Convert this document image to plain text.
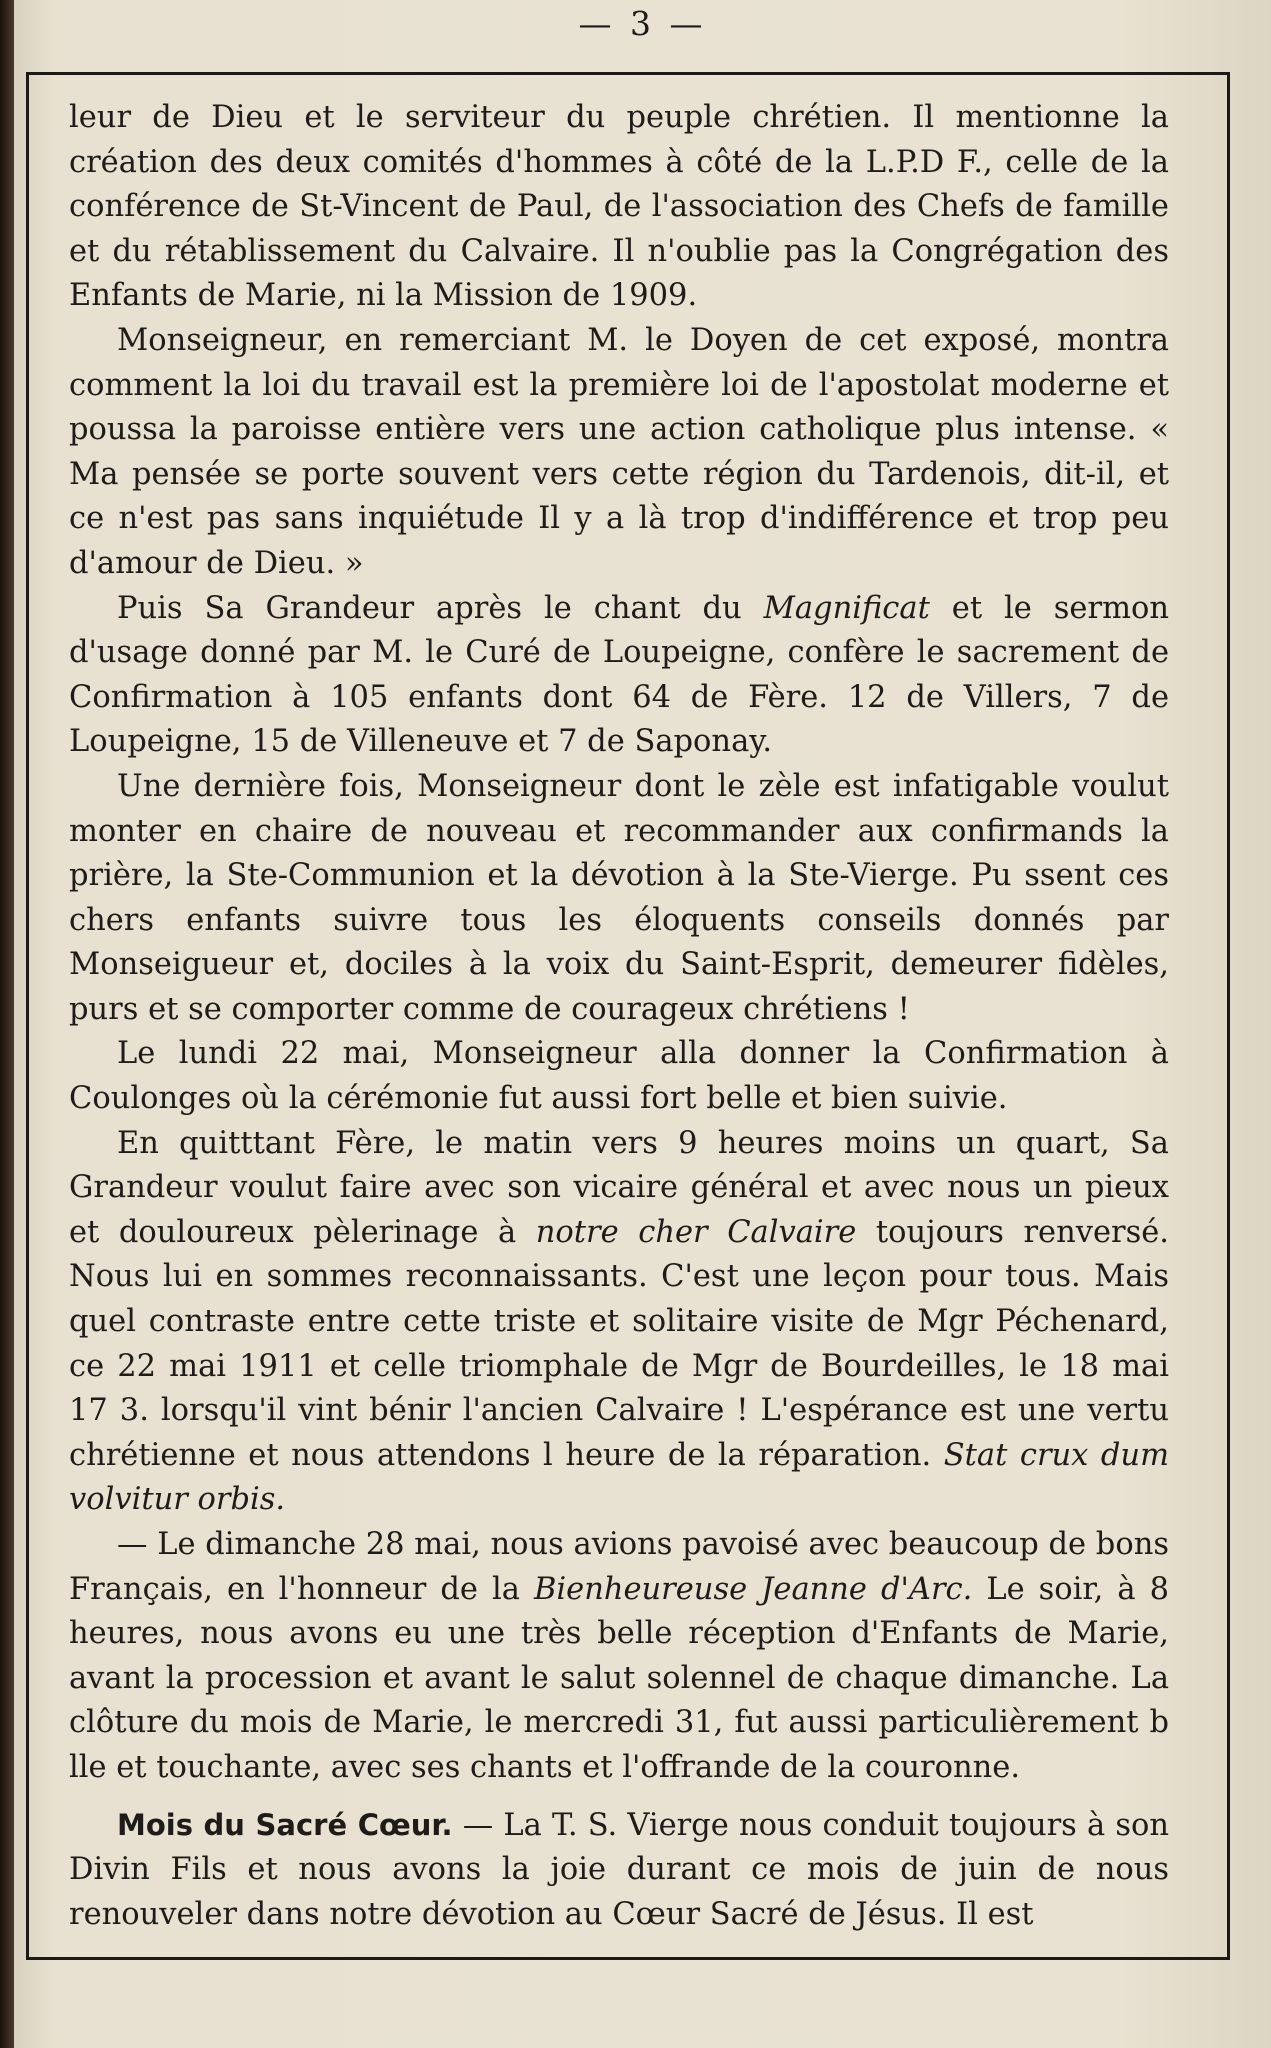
— 3 —

leur de Dieu et le serviteur du peuple chrétien. Il mentionne la création des deux comités d'hommes à côté de la L.P.D F., celle de la conférence de St-Vincent de Paul, de l'association des Chefs de famille et du rétablissement du Calvaire. Il n'oublie pas la Congrégation des Enfants de Marie, ni la Mission de 1909.

Monseigneur, en remerciant M. le Doyen de cet exposé, montra comment la loi du travail est la première loi de l'apostolat moderne et poussa la paroisse entière vers une action catholique plus intense. « Ma pensée se porte souvent vers cette région du Tardenois, dit-il, et ce n'est pas sans inquiétude Il y a là trop d'indifférence et trop peu d'amour de Dieu. »

Puis Sa Grandeur après le chant du Magnificat et le sermon d'usage donné par M. le Curé de Loupeigne, confère le sacrement de Confirmation à 105 enfants dont 64 de Fère. 12 de Villers, 7 de Loupeigne, 15 de Villeneuve et 7 de Saponay.

Une dernière fois, Monseigneur dont le zèle est infatigable voulut monter en chaire de nouveau et recommander aux confirmands la prière, la Ste-Communion et la dévotion à la Ste-Vierge. Pu ssent ces chers enfants suivre tous les éloquents conseils donnés par Monseigueur et, dociles à la voix du Saint-Esprit, demeurer fidèles, purs et se comporter comme de courageux chrétiens !

Le lundi 22 mai, Monseigneur alla donner la Confirmation à Coulonges où la cérémonie fut aussi fort belle et bien suivie.

En quitttant Fère, le matin vers 9 heures moins un quart, Sa Grandeur voulut faire avec son vicaire général et avec nous un pieux et douloureux pèlerinage à notre cher Calvaire toujours renversé. Nous lui en sommes reconnaissants. C'est une leçon pour tous. Mais quel contraste entre cette triste et solitaire visite de Mgr Péchenard, ce 22 mai 1911 et celle triomphale de Mgr de Bourdeilles, le 18 mai 17 3. lorsqu'il vint bénir l'ancien Calvaire ! L'espérance est une vertu chrétienne et nous attendons l heure de la réparation. Stat crux dum volvitur orbis.

— Le dimanche 28 mai, nous avions pavoisé avec beaucoup de bons Français, en l'honneur de la Bienheureuse Jeanne d'Arc. Le soir, à 8 heures, nous avons eu une très belle réception d'Enfants de Marie, avant la procession et avant le salut solennel de chaque dimanche. La clôture du mois de Marie, le mercredi 31, fut aussi particulièrement b lle et touchante, avec ses chants et l'offrande de la couronne.

Mois du Sacré Cœur. — La T. S. Vierge nous conduit toujours à son Divin Fils et nous avons la joie durant ce mois de juin de nous renouveler dans notre dévotion au Cœur Sacré de Jésus. Il est
